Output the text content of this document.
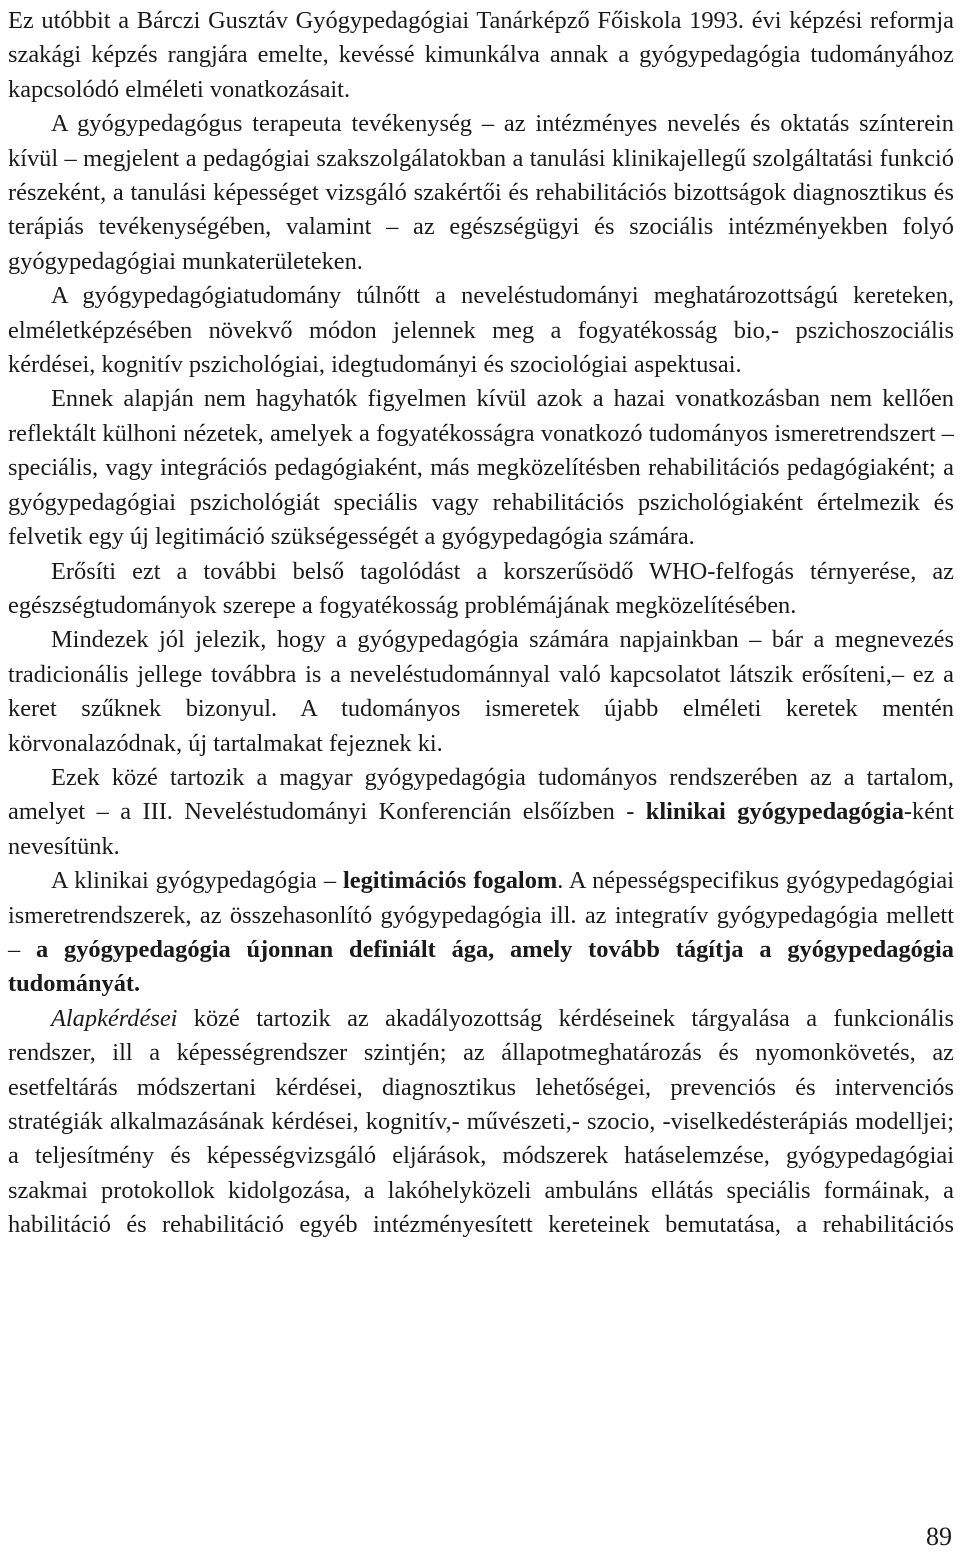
Ez utóbbit a Bárczi Gusztáv Gyógypedagógiai Tanárképző Főiskola 1993. évi képzési reformja szakági képzés rangjára emelte, kevéssé kimunkálva annak a gyógypedagógia tudományához kapcsolódó elméleti vonatkozásait.

A gyógypedagógus terapeuta tevékenység – az intézményes nevelés és oktatás színterein kívül – megjelent a pedagógiai szakszolgálatokban a tanulási klinikajellegű szolgáltatási funkció részeként, a tanulási képességet vizsgáló szakértői és rehabilitációs bizottságok diagnosztikus és terápiás tevékenységében, valamint – az egészségügyi és szociális intézményekben folyó gyógypedagógiai munkaterületeken.

A gyógypedagógiatudomány túlnőtt a neveléstudományi meghatározottságú kereteken, elméletképzésében növekvő módon jelennek meg a fogyatékosság bio,- pszichoszociális kérdései, kognitív pszichológiai, idegtudományi és szociológiai aspektusai.

Ennek alapján nem hagyhatók figyelmen kívül azok a hazai vonatkozásban nem kellően reflektált külhoni nézetek, amelyek a fogyatékosságra vonatkozó tudományos ismeretrendszert – speciális, vagy integrációs pedagógiaként, más megközelítésben rehabilitációs pedagógiaként; a gyógypedagógiai pszichológiát speciális vagy rehabilitációs pszichológiaként értelmezik és felvetik egy új legitimáció szükségességét a gyógypedagógia számára.

Erősíti ezt a további belső tagolódást a korszerűsödő WHO-felfogás térnyerése, az egészségtudományok szerepe a fogyatékosság problémájának megközelítésében.

Mindezek jól jelezik, hogy a gyógypedagógia számára napjainkban – bár a megnevezés tradicionális jellege továbbra is a neveléstudománnyal való kapcsolatot látszik erősíteni,– ez a keret szűknek bizonyul. A tudományos ismeretek újabb elméleti keretek mentén körvonalazódnak, új tartalmakat fejeznek ki.

Ezek közé tartozik a magyar gyógypedagógia tudományos rendszerében az a tartalom, amelyet – a III. Neveléstudományi Konferencián elsőízben - klinikai gyógypedagógia-ként nevesítünk.

A klinikai gyógypedagógia – legitimációs fogalom. A népességspecifikus gyógypedagógiai ismeretrendszerek, az összehasonlító gyógypedagógia ill. az integratív gyógypedagógia mellett – a gyógypedagógia újonnan definiált ága, amely tovább tágítja a gyógypedagógia tudományát.

Alapkérdései közé tartozik az akadályozottság kérdéseinek tárgyalása a funkcionális rendszer, ill a képességrendszer szintjén; az állapotmeghatározás és nyomonkövetés, az esetfeltárás módszertani kérdései, diagnosztikus lehetőségei, prevenciós és intervenciós stratégiák alkalmazásának kérdései, kognitív,- művészeti,- szocio, -viselkedésterápiás modelljei; a teljesítmény és képességvizsgáló eljárások, módszerek hatáselemzése, gyógypedagógiai szakmai protokollok kidolgozása, a lakóhelyközeli ambuláns ellátás speciális formáinak, a habilitáció és rehabilitáció egyéb intézményesített kereteinek bemutatása, a rehabilitációs

89
